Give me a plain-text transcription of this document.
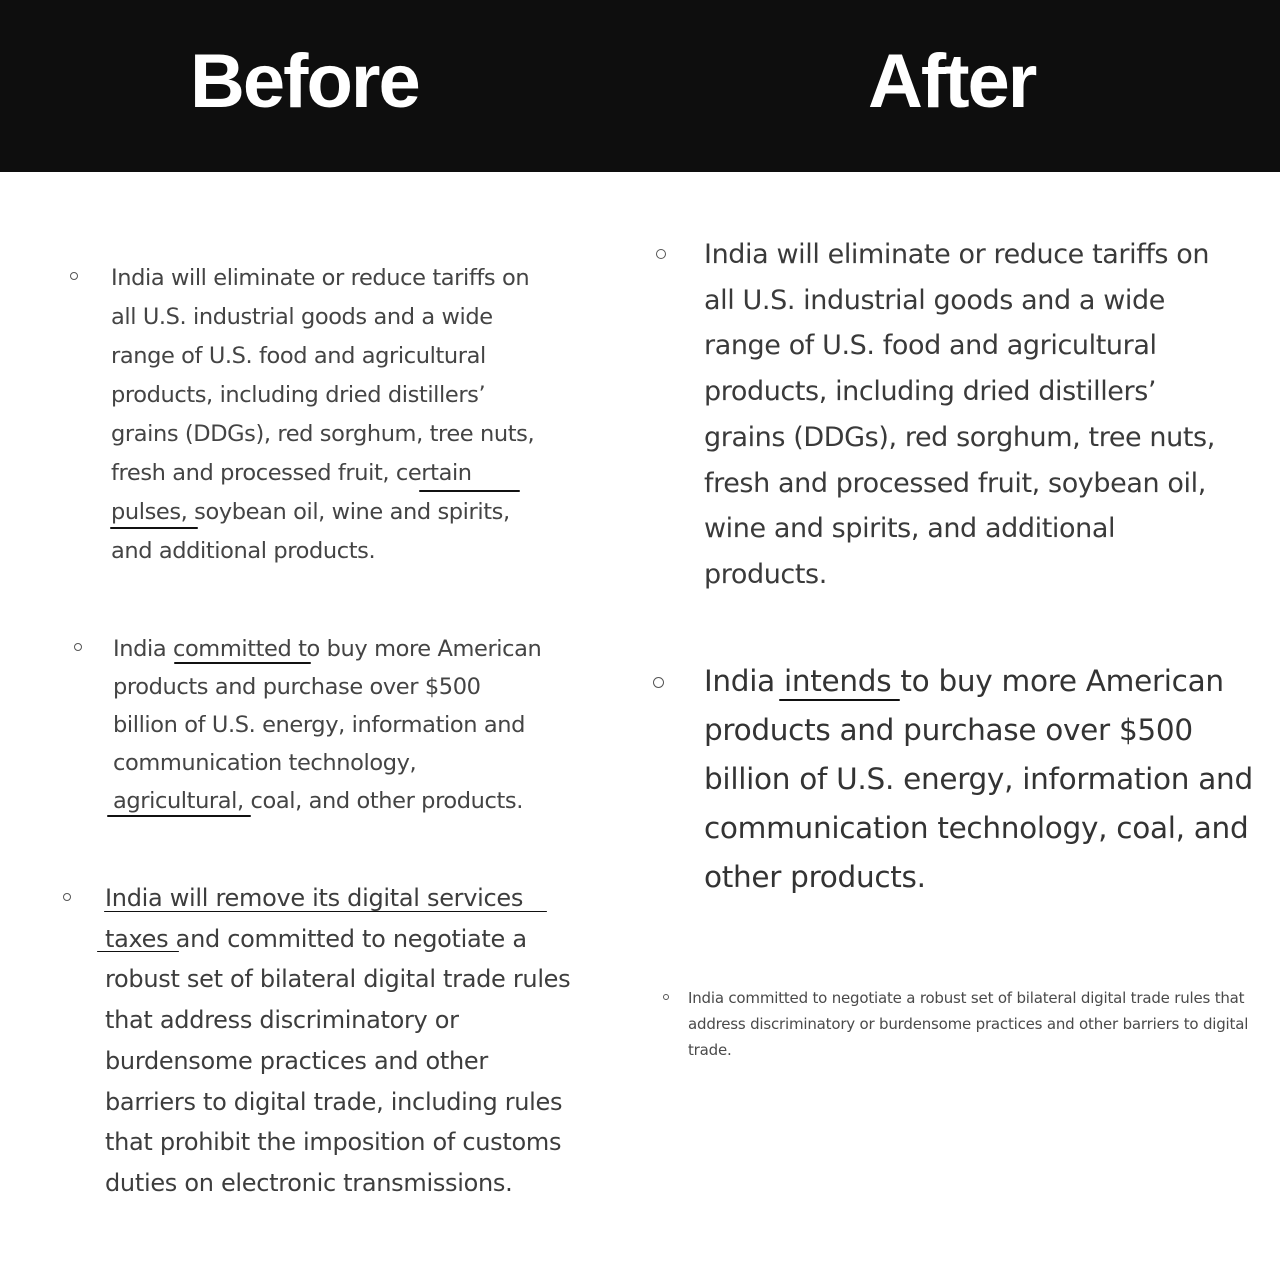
Before	After

India will eliminate or reduce tariffs on
all U.S. industrial goods and a wide
range of U.S. food and agricultural
products, including dried distillers’
grains (DDGs), red sorghum, tree nuts,
fresh and processed fruit, certain
pulses, soybean oil, wine and spirits,
and additional products.

India committed to buy more American
products and purchase over $500
billion of U.S. energy, information and
communication technology,
agricultural, coal, and other products.

India will remove its digital services
taxes and committed to negotiate a
robust set of bilateral digital trade rules
that address discriminatory or
burdensome practices and other
barriers to digital trade, including rules
that prohibit the imposition of customs
duties on electronic transmissions.

India will eliminate or reduce tariffs on
all U.S. industrial goods and a wide
range of U.S. food and agricultural
products, including dried distillers’
grains (DDGs), red sorghum, tree nuts,
fresh and processed fruit, soybean oil,
wine and spirits, and additional
products.

India intends to buy more American
products and purchase over $500
billion of U.S. energy, information and
communication technology, coal, and
other products.

India committed to negotiate a robust set of bilateral digital trade rules that
address discriminatory or burdensome practices and other barriers to digital
trade.
